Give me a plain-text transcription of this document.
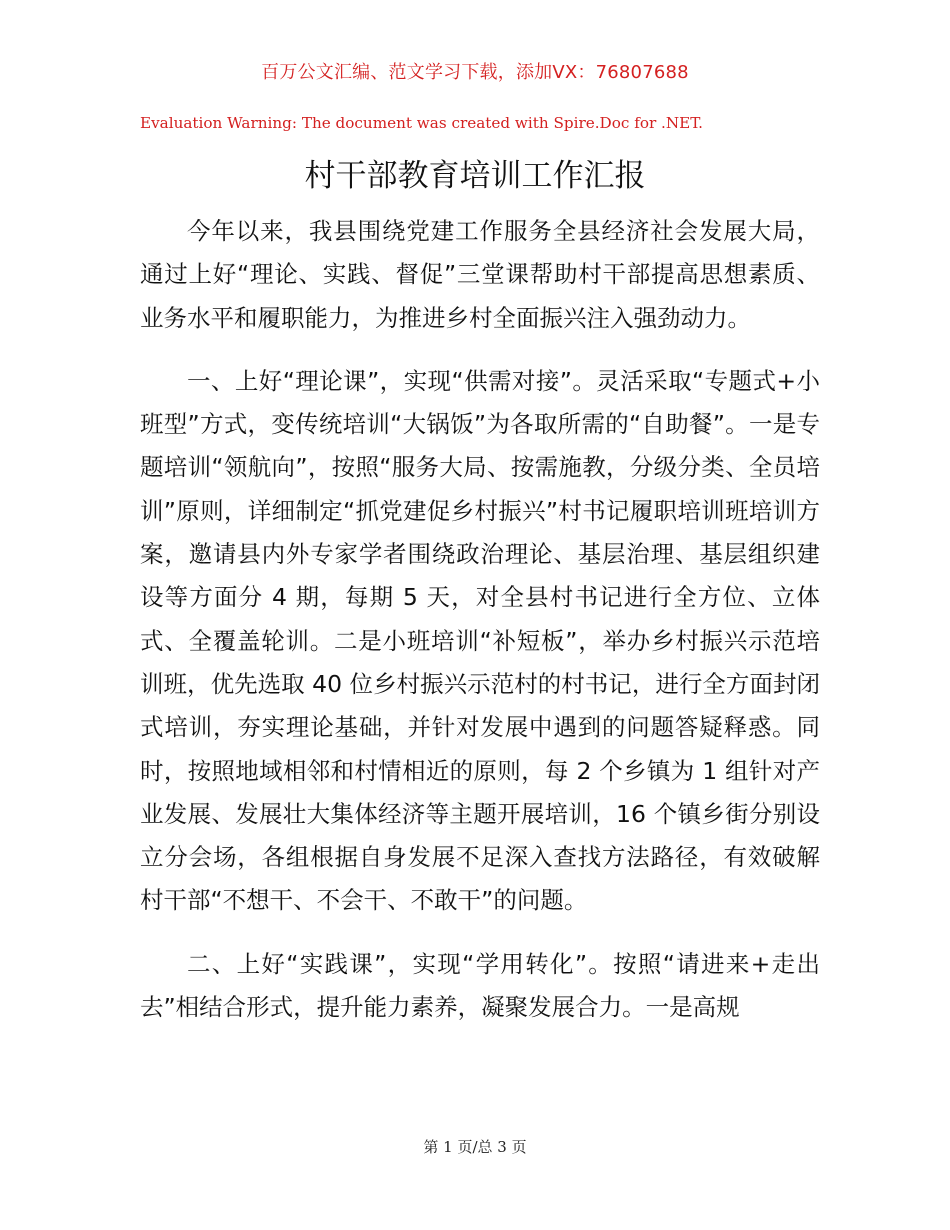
百万公文汇编、范文学习下载，添加VX：76807688
Evaluation Warning: The document was created with Spire.Doc for .NET.
村干部教育培训工作汇报

今年以来，我县围绕党建工作服务全县经济社会发展大局，通过上好“理论、实践、督促”三堂课帮助村干部提高思想素质、业务水平和履职能力，为推进乡村全面振兴注入强劲动力。

一、上好“理论课”，实现“供需对接”。灵活采取“专题式+小班型”方式，变传统培训“大锅饭”为各取所需的“自助餐”。一是专题培训“领航向”，按照“服务大局、按需施教，分级分类、全员培训”原则，详细制定“抓党建促乡村振兴”村书记履职培训班培训方案，邀请县内外专家学者围绕政治理论、基层治理、基层组织建设等方面分 4 期，每期 5 天，对全县村书记进行全方位、立体式、全覆盖轮训。二是小班培训“补短板”，举办乡村振兴示范培训班，优先选取 40 位乡村振兴示范村的村书记，进行全方面封闭式培训，夯实理论基础，并针对发展中遇到的问题答疑释惑。同时，按照地域相邻和村情相近的原则，每 2 个乡镇为 1 组针对产业发展、发展壮大集体经济等主题开展培训，16 个镇乡街分别设立分会场，各组根据自身发展不足深入查找方法路径，有效破解村干部“不想干、不会干、不敢干”的问题。

二、上好“实践课”，实现“学用转化”。按照“请进来+走出去”相结合形式，提升能力素养，凝聚发展合力。一是高规

第 1 页/总 3 页
